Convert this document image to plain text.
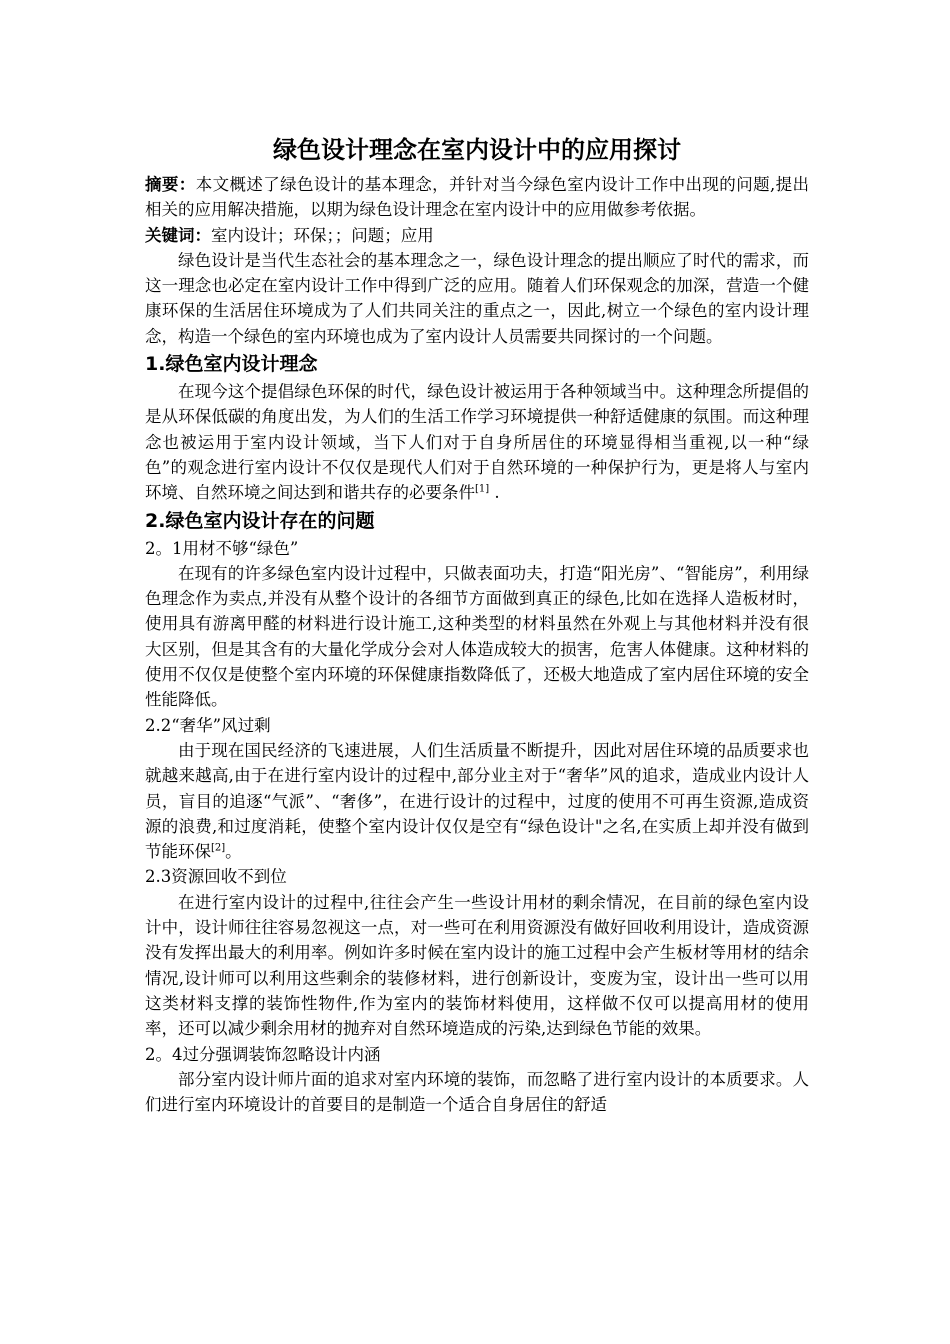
绿色设计理念在室内设计中的应用探讨

摘要：本文概述了绿色设计的基本理念，并针对当今绿色室内设计工作中出现的问题,提出相关的应用解决措施，以期为绿色设计理念在室内设计中的应用做参考依据。

关键词：室内设计；环保；；问题；应用

绿色设计是当代生态社会的基本理念之一，绿色设计理念的提出顺应了时代的需求，而这一理念也必定在室内设计工作中得到广泛的应用。随着人们环保观念的加深，营造一个健康环保的生活居住环境成为了人们共同关注的重点之一，因此,树立一个绿色的室内设计理念，构造一个绿色的室内环境也成为了室内设计人员需要共同探讨的一个问题。

1.绿色室内设计理念

在现今这个提倡绿色环保的时代，绿色设计被运用于各种领域当中。这种理念所提倡的是从环保低碳的角度出发，为人们的生活工作学习环境提供一种舒适健康的氛围。而这种理念也被运用于室内设计领域，当下人们对于自身所居住的环境显得相当重视,以一种“绿色”的观念进行室内设计不仅仅是现代人们对于自然环境的一种保护行为，更是将人与室内环境、自然环境之间达到和谐共存的必要条件[1] .

2.绿色室内设计存在的问题

2。1用材不够“绿色”

在现有的许多绿色室内设计过程中，只做表面功夫，打造“阳光房”、“智能房”，利用绿色理念作为卖点,并没有从整个设计的各细节方面做到真正的绿色,比如在选择人造板材时，使用具有游离甲醛的材料进行设计施工,这种类型的材料虽然在外观上与其他材料并没有很大区别，但是其含有的大量化学成分会对人体造成较大的损害，危害人体健康。这种材料的使用不仅仅是使整个室内环境的环保健康指数降低了，还极大地造成了室内居住环境的安全性能降低。

2.2“奢华”风过剩

由于现在国民经济的飞速进展，人们生活质量不断提升，因此对居住环境的品质要求也就越来越高,由于在进行室内设计的过程中,部分业主对于“奢华”风的追求，造成业内设计人员，盲目的追逐“气派”、“奢侈”，在进行设计的过程中，过度的使用不可再生资源,造成资源的浪费,和过度消耗，使整个室内设计仅仅是空有“绿色设计"之名,在实质上却并没有做到节能环保[2]。

2.3资源回收不到位

在进行室内设计的过程中,往往会产生一些设计用材的剩余情况，在目前的绿色室内设计中，设计师往往容易忽视这一点，对一些可在利用资源没有做好回收利用设计，造成资源没有发挥出最大的利用率。例如许多时候在室内设计的施工过程中会产生板材等用材的结余情况,设计师可以利用这些剩余的装修材料，进行创新设计，变废为宝，设计出一些可以用这类材料支撑的装饰性物件,作为室内的装饰材料使用，这样做不仅可以提高用材的使用率，还可以减少剩余用材的抛弃对自然环境造成的污染,达到绿色节能的效果。

2。4过分强调装饰忽略设计内涵

部分室内设计师片面的追求对室内环境的装饰，而忽略了进行室内设计的本质要求。人们进行室内环境设计的首要目的是制造一个适合自身居住的舒适
